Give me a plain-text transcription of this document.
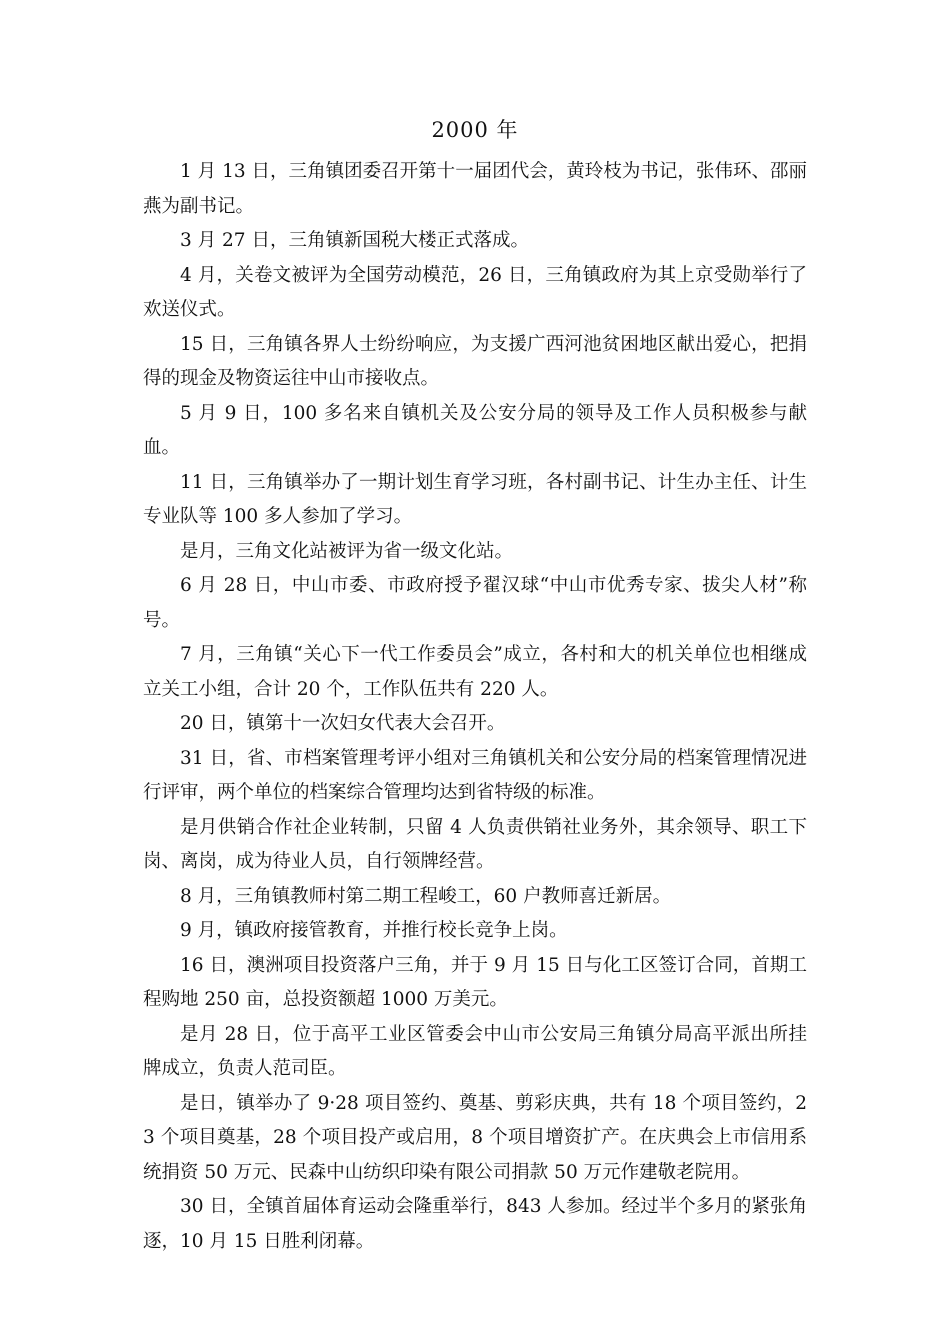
2000 年

1 月 13 日，三角镇团委召开第十一届团代会，黄玲枝为书记，张伟环、邵丽燕为副书记。

3 月 27 日，三角镇新国税大楼正式落成。

4 月，关卷文被评为全国劳动模范，26 日，三角镇政府为其上京受勋举行了欢送仪式。

15 日，三角镇各界人士纷纷响应，为支援广西河池贫困地区献出爱心，把捐得的现金及物资运往中山市接收点。

5 月 9 日，100 多名来自镇机关及公安分局的领导及工作人员积极参与献血。

11 日，三角镇举办了一期计划生育学习班，各村副书记、计生办主任、计生专业队等 100 多人参加了学习。

是月，三角文化站被评为省一级文化站。

6 月 28 日，中山市委、市政府授予翟汉球“中山市优秀专家、拔尖人材”称号。

7 月，三角镇“关心下一代工作委员会”成立，各村和大的机关单位也相继成立关工小组，合计 20 个，工作队伍共有 220 人。

20 日，镇第十一次妇女代表大会召开。

31 日，省、市档案管理考评小组对三角镇机关和公安分局的档案管理情况进行评审，两个单位的档案综合管理均达到省特级的标准。

是月供销合作社企业转制，只留 4 人负责供销社业务外，其余领导、职工下岗、离岗，成为待业人员，自行领牌经营。

8 月，三角镇教师村第二期工程峻工，60 户教师喜迁新居。

9 月，镇政府接管教育，并推行校长竞争上岗。

16 日，澳洲项目投资落户三角，并于 9 月 15 日与化工区签订合同，首期工程购地 250 亩，总投资额超 1000 万美元。

是月 28 日，位于高平工业区管委会中山市公安局三角镇分局高平派出所挂牌成立，负责人范司臣。

是日，镇举办了 9·28 项目签约、奠基、剪彩庆典，共有 18 个项目签约，23 个项目奠基，28 个项目投产或启用，8 个项目增资扩产。在庆典会上市信用系统捐资 50 万元、民森中山纺织印染有限公司捐款 50 万元作建敬老院用。

30 日，全镇首届体育运动会隆重举行，843 人参加。经过半个多月的紧张角逐，10 月 15 日胜利闭幕。
